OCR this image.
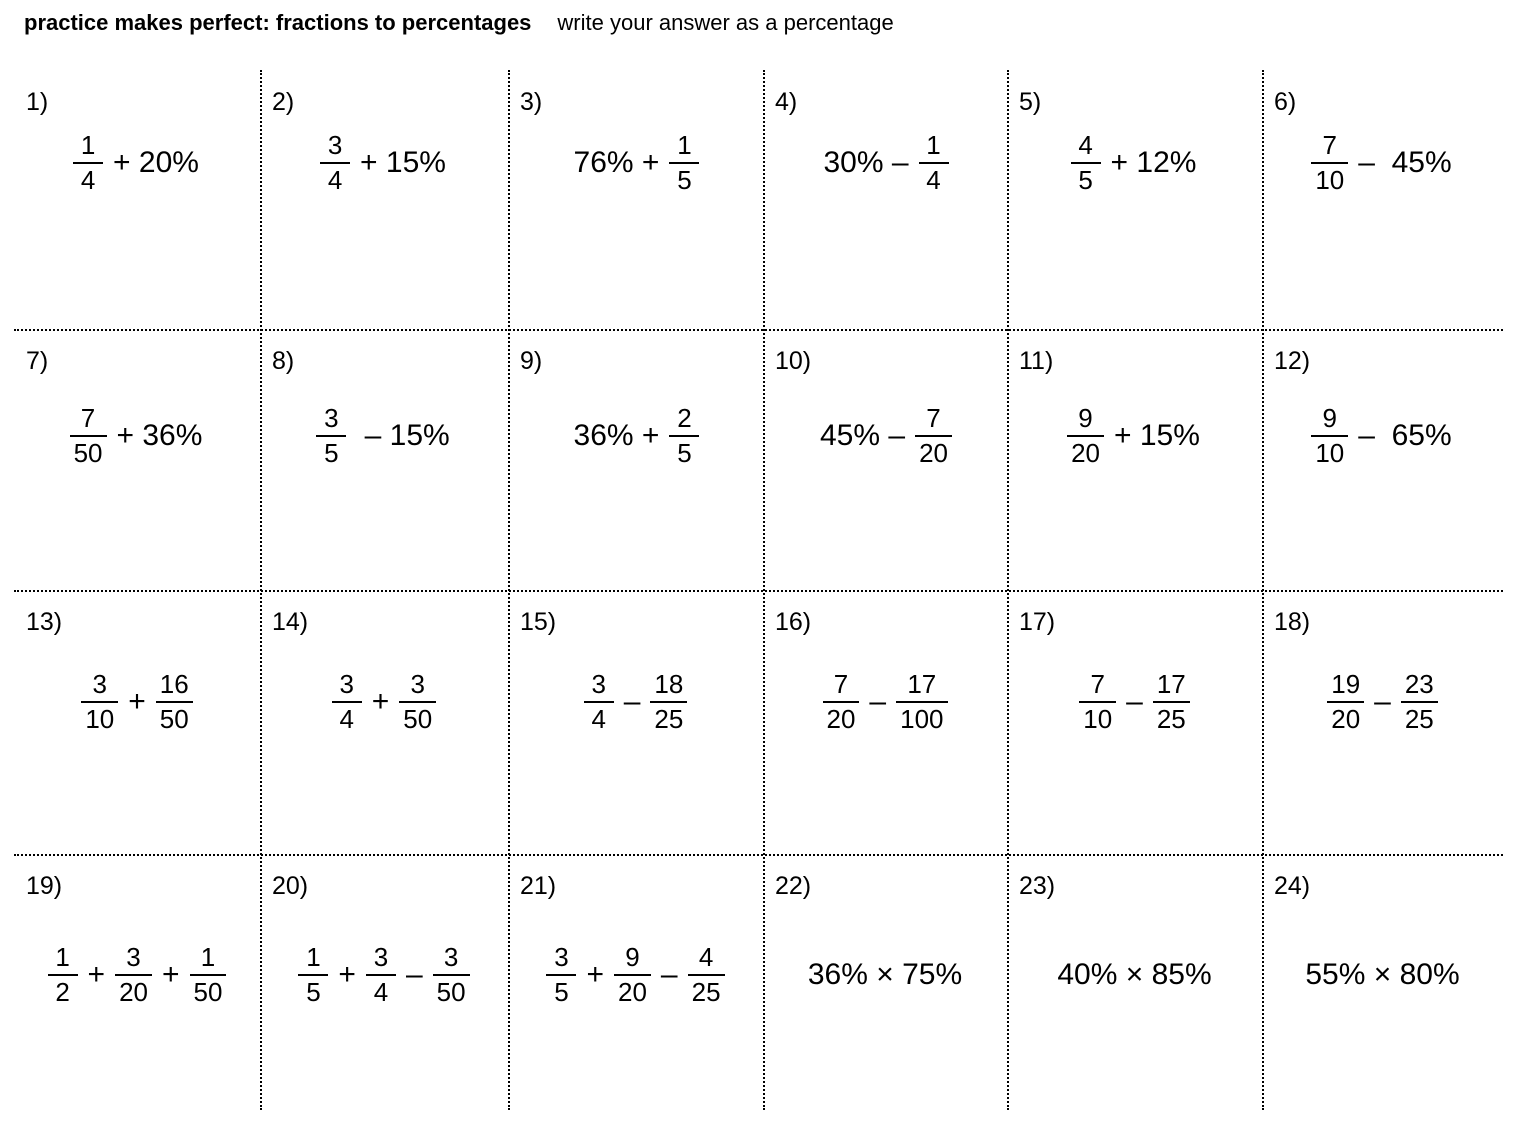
practice makes perfect: fractions to percentages write your answer as a percentage
1)
$\frac{1}{4} + 20\%$
2)
$\frac{3}{4} + 15\%$
3)
$76\% + \frac{1}{5}$
4)
$30\% - \frac{1}{4}$
5)
$\frac{4}{5} + 12\%$
6)
$\frac{7}{10} - 45\%$
7)
$\frac{7}{50} + 36\%$
8)
$\frac{3}{5} - 15\%$
9)
$36\% + \frac{2}{5}$
10)
$45\% - \frac{7}{20}$
11)
$\frac{9}{20} + 15\%$
12)
$\frac{9}{10} - 65\%$
13)
$\frac{3}{10} + \frac{16}{50}$
14)
$\frac{3}{4} + \frac{3}{50}$
15)
$\frac{3}{4} - \frac{18}{25}$
16)
$\frac{7}{20} - \frac{17}{100}$
17)
$\frac{7}{10} - \frac{17}{25}$
18)
$\frac{19}{20} - \frac{23}{25}$
19)
$\frac{1}{2} + \frac{3}{20} + \frac{1}{50}$
20)
$\frac{1}{5} + \frac{3}{4} - \frac{3}{50}$
21)
$\frac{3}{5} + \frac{9}{20} - \frac{4}{25}$
22)
36% × 75%
23)
40% × 85%
24)
55% × 80%
